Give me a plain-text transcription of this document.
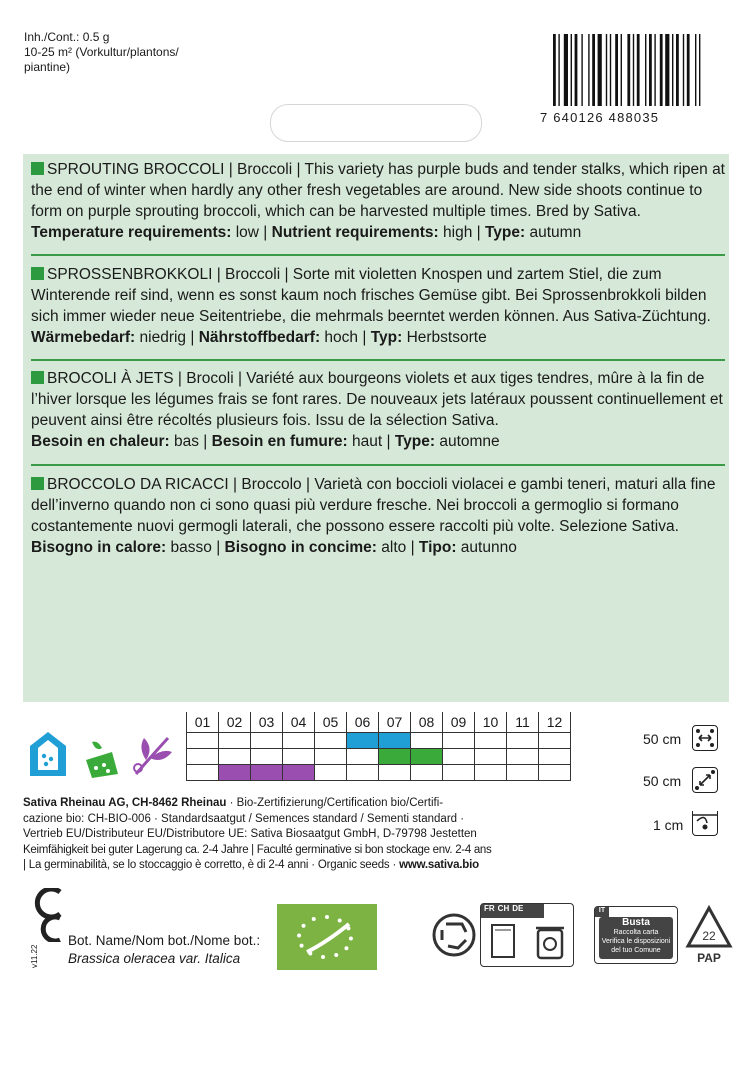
Inh./Cont.: 0.5 g
10-25 m² (Vorkultur/plantons/
piantine)
7 640126 488035
SPROUTING BROCCOLI | Broccoli | This variety has purple buds and tender stalks, which ripen at the end of winter when hardly any other fresh vegetables are around. New side shoots continue to form on purple sprouting broccoli, which can be harvested multiple times. Bred by Sativa.
Temperature requirements: low | Nutrient requirements: high | Type: autumn
SPROSSENBROKKOLI | Broccoli | Sorte mit violetten Knospen und zartem Stiel, die zum Winterende reif sind, wenn es sonst kaum noch frisches Gemüse gibt. Bei Sprossenbrokkoli bilden sich immer wieder neue Seitentriebe, die mehrmals beerntet werden können. Aus Sativa-Züchtung.
Wärmebedarf: niedrig | Nährstoffbedarf: hoch | Typ: Herbstsorte
BROCOLI À JETS | Brocoli | Variété aux bourgeons violets et aux tiges tendres, mûre à la fin de l’hiver lorsque les légumes frais se font rares. De nouveaux jets latéraux poussent continuellement et peuvent ainsi être récoltés plusieurs fois. Issu de la sélection Sativa.
Besoin en chaleur: bas | Besoin en fumure: haut | Type: automne
BROCCOLO DA RICACCI | Broccolo | Varietà con boccioli violacei e gambi teneri, maturi alla fine dell’inverno quando non ci sono quasi più verdure fresche. Nei broccoli a germoglio si formano costantemente nuovi germogli laterali, che possono essere raccolti più volte. Selezione Sativa.
Bisogno in calore: basso | Bisogno in concime: alto | Tipo: autunno
01	02	03	04	05	06	07	08	09	10	11	12

50 cm
50 cm
1 cm
Sativa Rheinau AG, CH-8462 Rheinau · Bio-Zertifizierung/Certification bio/Certifi-
cazione bio: CH-BIO-006 · Standardsaatgut / Semences standard / Sementi standard ·
Vertrieb EU/Distributeur EU/Distributore UE: Sativa Biosaatgut GmbH, D-79798 Jestetten
Keimfähigkeit bei guter Lagerung ca. 2-4 Jahre | Faculté germinative si bon stockage env. 2-4 ans
| La germinabilità, se lo stoccaggio è corretto, è di 2-4 anni · Organic seeds · www.sativa.bio
v11.22
Bot. Name/Nom bot./Nome bot.:
Brassica oleracea var. Italica
FR CH DE	IT
Busta
Raccolta carta
Verifica le disposizioni
del tuo Comune
22
PAP
